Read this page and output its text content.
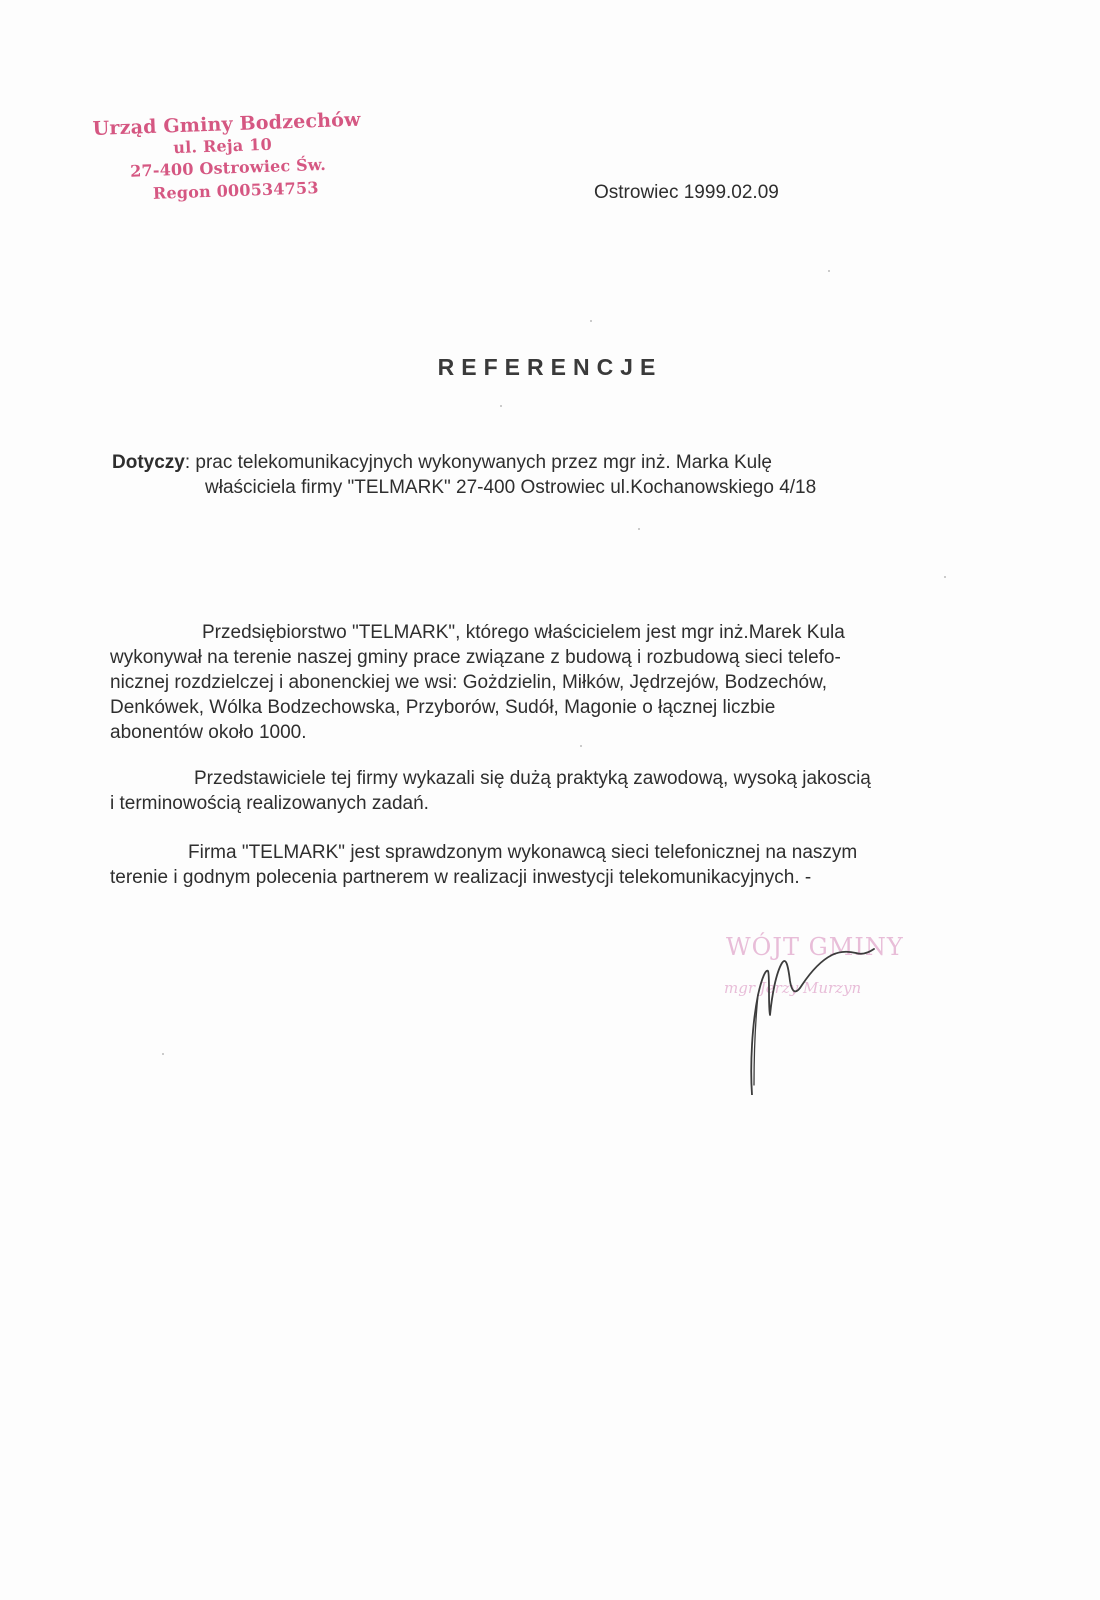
Urząd Gminy Bodzechów
ul. Reja 10
27-400 Ostrowiec Św.
Regon 000534753	Ostrowiec 1999.02.09
REFERENCJE
Dotyczy: prac telekomunikacyjnych wykonywanych przez mgr inż. Marka Kulę
właściciela firmy "TELMARK" 27-400 Ostrowiec ul.Kochanowskiego 4/18
Przedsiębiorstwo "TELMARK", którego właścicielem jest mgr inż.Marek Kula
wykonywał na terenie naszej gminy prace związane z budową i rozbudową sieci telefo-
nicznej rozdzielczej i abonenckiej we wsi: Gożdzielin, Miłków, Jędrzejów, Bodzechów,
Denkówek, Wólka Bodzechowska, Przyborów, Sudół, Magonie o łącznej liczbie
abonentów około 1000.
Przedstawiciele tej firmy wykazali się dużą praktyką zawodową, wysoką jakoscią
i terminowością realizowanych zadań.
Firma "TELMARK" jest sprawdzonym wykonawcą sieci telefonicznej na naszym
terenie i godnym polecenia partnerem w realizacji inwestycji telekomunikacyjnych. -
WÓJT GMINY
mgr Jerzy Murzyn
